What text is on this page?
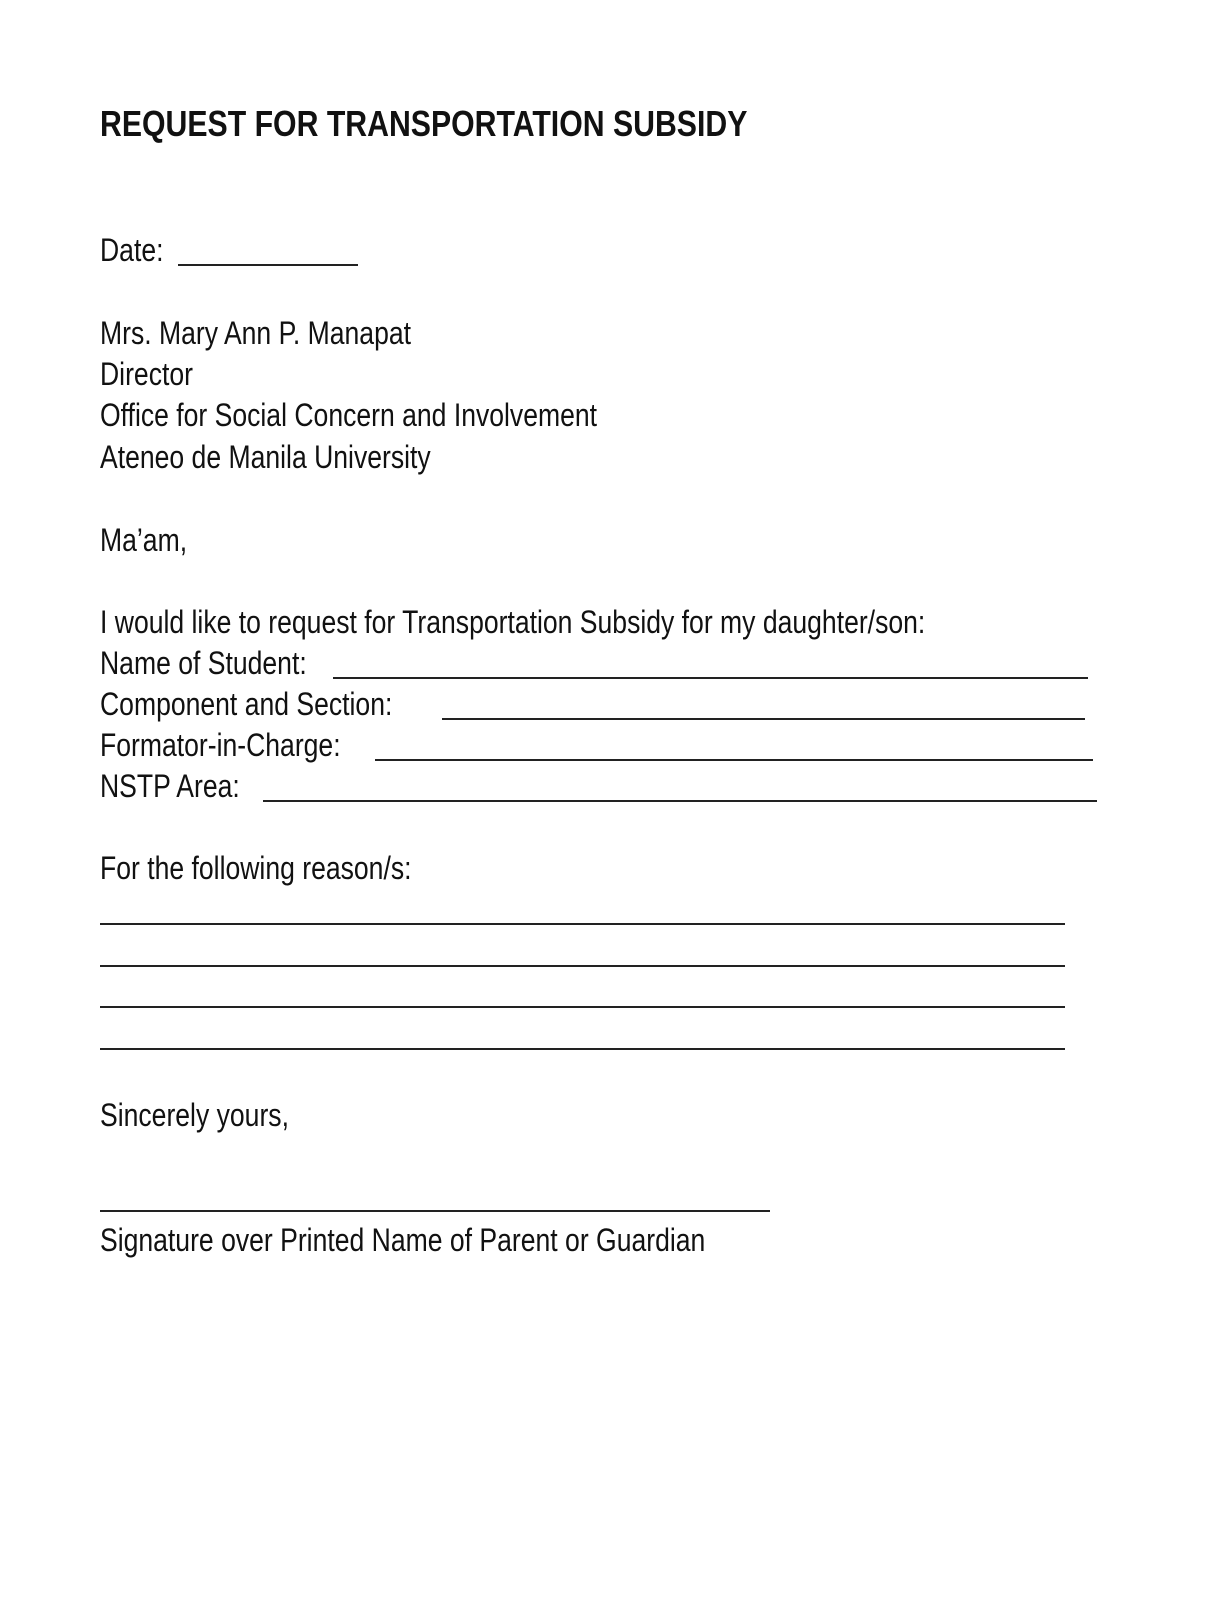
REQUEST FOR TRANSPORTATION SUBSIDY
Date:
Mrs. Mary Ann P. Manapat
Director
Office for Social Concern and Involvement
Ateneo de Manila University
Ma’am,
I would like to request for Transportation Subsidy for my daughter/son:
Name of Student:
Component and Section:
Formator-in-Charge:
NSTP Area:
For the following reason/s:
Sincerely yours,
Signature over Printed Name of Parent or Guardian
